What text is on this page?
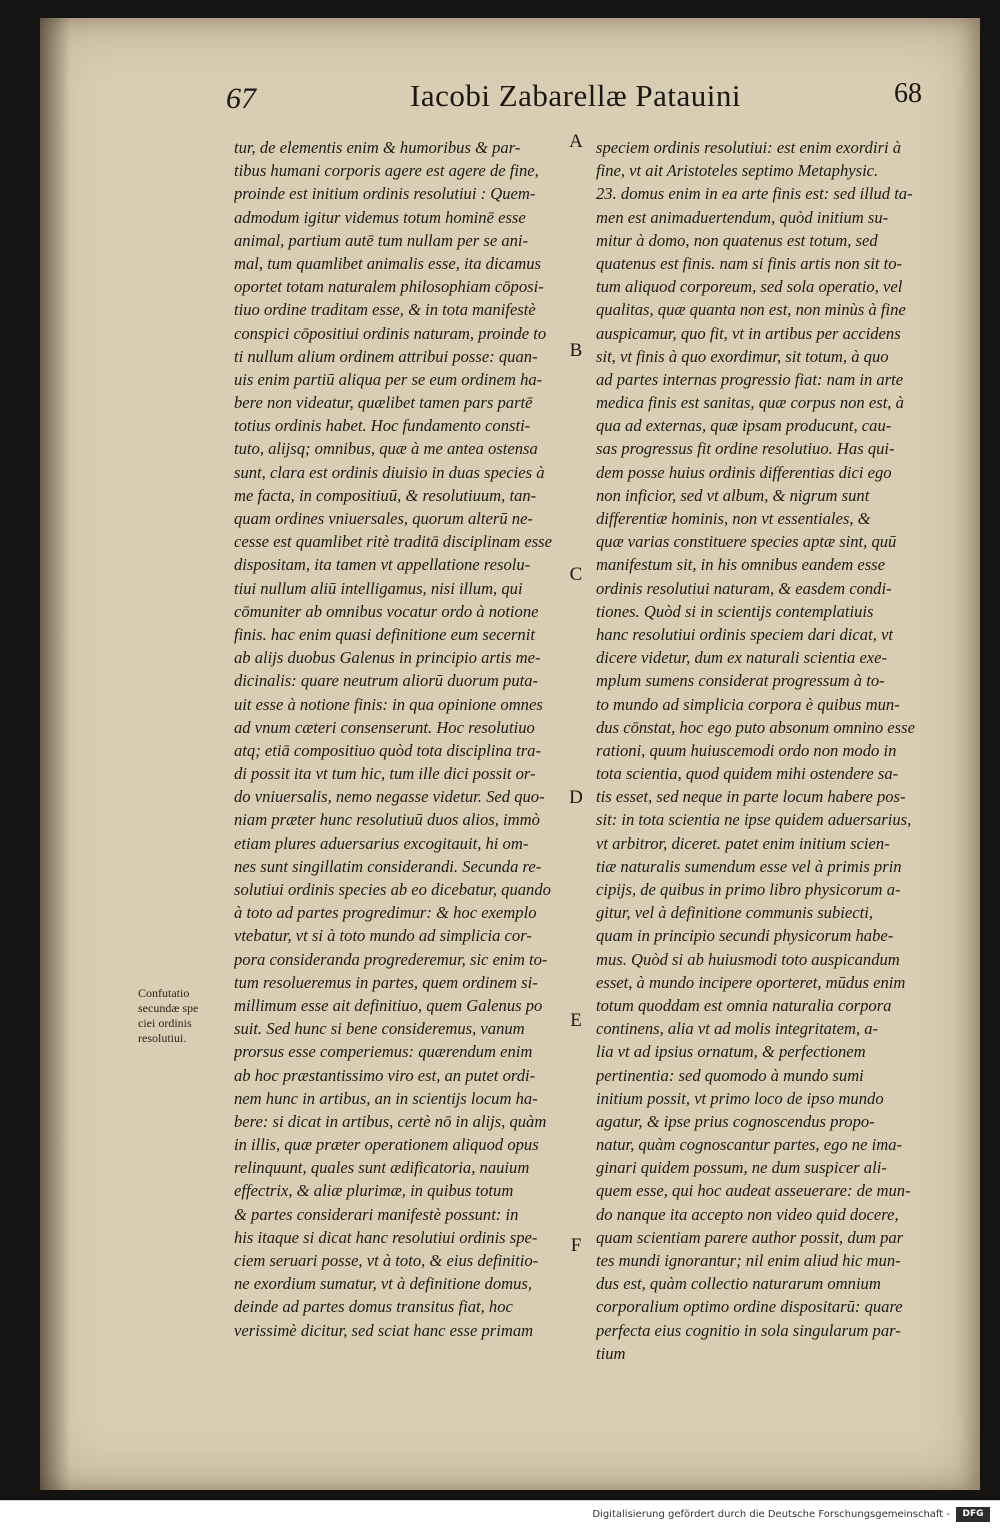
67	Iacobi Zabarellæ Patauini	68
tur, de elementis enim & humoribus & par-
tibus humani corporis agere est agere de fine,
proinde est initium ordinis resolutiui : Quem-
admodum igitur videmus totum hominē esse
animal, partium autē tum nullam per se ani-
mal, tum quamlibet animalis esse, ita dicamus
oportet totam naturalem philosophiam cōposi-
tiuo ordine traditam esse, & in tota manifestè
conspici cōpositiui ordinis naturam, proinde to
ti nullum alium ordinem attribui posse: quan-
uis enim partiū aliqua per se eum ordinem ha-
bere non videatur, quælibet tamen pars partē
totius ordinis habet. Hoc fundamento consti-
tuto, alijsq; omnibus, quæ à me antea ostensa
sunt, clara est ordinis diuisio in duas species à
me facta, in compositiuū, & resolutiuum, tan-
quam ordines vniuersales, quorum alterū ne-
cesse est quamlibet ritè traditā disciplinam esse
dispositam, ita tamen vt appellatione resolu-
tiui nullum aliū intelligamus, nisi illum, qui
cōmuniter ab omnibus vocatur ordo à notione
finis. hac enim quasi definitione eum secernit
ab alijs duobus Galenus in principio artis me-
dicinalis: quare neutrum aliorū duorum puta-
uit esse à notione finis: in qua opinione omnes
ad vnum cæteri consenserunt. Hoc resolutiuo
atq; etiā compositiuo quòd tota disciplina tra-
di possit ita vt tum hic, tum ille dici possit or-
do vniuersalis, nemo negasse videtur. Sed quo-
niam præter hunc resolutiuū duos alios, immò
etiam plures aduersarius excogitauit, hi om-
nes sunt singillatim considerandi. Secunda re-
solutiui ordinis species ab eo dicebatur, quando
à toto ad partes progredimur: & hoc exemplo
vtebatur, vt si à toto mundo ad simplicia cor-
pora consideranda progrederemur, sic enim to-
tum resolueremus in partes, quem ordinem si-
millimum esse ait definitiuo, quem Galenus po
suit. Sed hunc si bene consideremus, vanum
prorsus esse comperiemus: quærendum enim
ab hoc præstantissimo viro est, an putet ordi-
nem hunc in artibus, an in scientijs locum ha-
bere: si dicat in artibus, certè nō in alijs, quàm
in illis, quæ præter operationem aliquod opus
relinquunt, quales sunt ædificatoria, nauium
effectrix, & aliæ plurimæ, in quibus totum
& partes considerari manifestè possunt: in
his itaque si dicat hanc resolutiui ordinis spe-
ciem seruari posse, vt à toto, & eius definitio-
ne exordium sumatur, vt à definitione domus,
deinde ad partes domus transitus fiat, hoc
verissimè dicitur, sed sciat hanc esse primam
speciem ordinis resolutiui: est enim exordiri à
fine, vt ait Aristoteles septimo Metaphysic.
23. domus enim in ea arte finis est: sed illud ta-
men est animaduertendum, quòd initium su-
mitur à domo, non quatenus est totum, sed
quatenus est finis. nam si finis artis non sit to-
tum aliquod corporeum, sed sola operatio, vel
qualitas, quæ quanta non est, non minùs à fine
auspicamur, quo fit, vt in artibus per accidens
sit, vt finis à quo exordimur, sit totum, à quo
ad partes internas progressio fiat: nam in arte
medica finis est sanitas, quæ corpus non est, à
qua ad externas, quæ ipsam producunt, cau-
sas progressus fit ordine resolutiuo. Has qui-
dem posse huius ordinis differentias dici ego
non inficior, sed vt album, & nigrum sunt
differentiæ hominis, non vt essentiales, &
quæ varias constituere species aptæ sint, quū
manifestum sit, in his omnibus eandem esse
ordinis resolutiui naturam, & easdem condi-
tiones. Quòd si in scientijs contemplatiuis
hanc resolutiui ordinis speciem dari dicat, vt
dicere videtur, dum ex naturali scientia exe-
mplum sumens considerat progressum à to-
to mundo ad simplicia corpora è quibus mun-
dus cōnstat, hoc ego puto absonum omnino esse
rationi, quum huiuscemodi ordo non modo in
tota scientia, quod quidem mihi ostendere sa-
tis esset, sed neque in parte locum habere pos-
sit: in tota scientia ne ipse quidem aduersarius,
vt arbitror, diceret. patet enim initium scien-
tiæ naturalis sumendum esse vel à primis prin
cipijs, de quibus in primo libro physicorum a-
gitur, vel à definitione communis subiecti,
quam in principio secundi physicorum habe-
mus. Quòd si ab huiusmodi toto auspicandum
esset, à mundo incipere oporteret, mūdus enim
totum quoddam est omnia naturalia corpora
continens, alia vt ad molis integritatem, a-
lia vt ad ipsius ornatum, & perfectionem
pertinentia: sed quomodo à mundo sumi
initium possit, vt primo loco de ipso mundo
agatur, & ipse prius cognoscendus propo-
natur, quàm cognoscantur partes, ego ne ima-
ginari quidem possum, ne dum suspicer ali-
quem esse, qui hoc audeat asseuerare: de mun-
do nanque ita accepto non video quid docere,
quam scientiam parere author possit, dum par
tes mundi ignorantur; nil enim aliud hic mun-
dus est, quàm collectio naturarum omnium
corporalium optimo ordine dispositarū: quare
perfecta eius cognitio in sola singularum par-
tium
A
B
C
D
E
F
Confutatio
secundæ spe
ciei ordinis
resolutiui.
Digitalisierung gefördert durch die Deutsche Forschungsgemeinschaft -	DFG
